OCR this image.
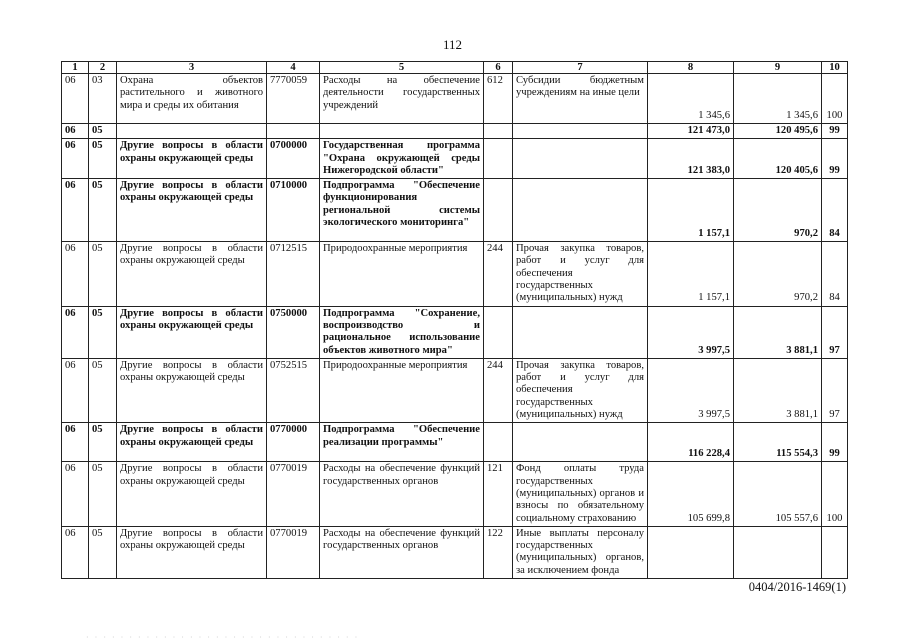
112
1	2	3	4	5	6	7	8	9	10
06	03	Охрана объектов растительного и животного мира и среды их обитания	7770059	Расходы на обеспечение деятельности государственных учреждений	612	Субсидии бюджетным учреждениям на иные цели	1 345,6	1 345,6	100
06	05						121 473,0	120 495,6	99
06	05	Другие вопросы в области охраны окружающей среды	0700000	Государственная программа "Охрана окружающей среды Нижегородской области"			121 383,0	120 405,6	99
06	05	Другие вопросы в области охраны окружающей среды	0710000	Подпрограмма "Обеспечение функционирования региональной системы экологического мониторинга"			1 157,1	970,2	84
06	05	Другие вопросы в области охраны окружающей среды	0712515	Природоохранные мероприятия	244	Прочая закупка товаров, работ и услуг для обеспечения государственных (муниципальных) нужд	1 157,1	970,2	84
06	05	Другие вопросы в области охраны окружающей среды	0750000	Подпрограмма "Сохранение, воспроизводство и рациональное использование объектов животного мира"			3 997,5	3 881,1	97
06	05	Другие вопросы в области охраны окружающей среды	0752515	Природоохранные мероприятия	244	Прочая закупка товаров, работ и услуг для обеспечения государственных (муниципальных) нужд	3 997,5	3 881,1	97
06	05	Другие вопросы в области охраны окружающей среды	0770000	Подпрограмма "Обеспечение реализации программы"			116 228,4	115 554,3	99
06	05	Другие вопросы в области охраны окружающей среды	0770019	Расходы на обеспечение функций государственных органов	121	Фонд оплаты труда государственных (муниципальных) органов и взносы по обязательному социальному страхованию	105 699,8	105 557,6	100
06	05	Другие вопросы в области охраны окружающей среды	0770019	Расходы на обеспечение функций государственных органов	122	Иные выплаты персоналу государственных (муниципальных) органов, за исключением фонда			
0404/2016-1469(1)
· · · · · · · · · · · · · · · · · · · · · · · · · · · · · · · ·
